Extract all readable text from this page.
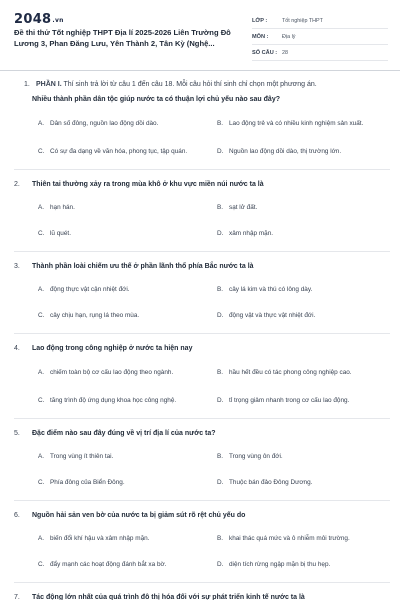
2048.vn
Đề thi thử Tốt nghiệp THPT Địa lí 2025-2026 Liên Trường Đô Lương 3, Phan Đăng Lưu, Yên Thành 2, Tân Kỳ (Nghệ...
LỚP :	Tốt nghiệp THPT
MÔN :	Địa lý
SỐ CÂU : 28
1. PHẦN I. Thí sinh trả lời từ câu 1 đến câu 18. Mỗi câu hỏi thí sinh chỉ chọn một phương án.
Nhiều thành phần dân tộc giúp nước ta có thuận lợi chủ yếu nào sau đây?
A. Dân số đông, nguồn lao động dồi dào.	B. Lao động trẻ và có nhiều kinh nghiệm sản xuất.
C. Có sự đa dạng về văn hóa, phong tục, tập quán.	D. Nguồn lao động dồi dào, thị trường lớn.
2.	Thiên tai thường xảy ra trong mùa khô ở khu vực miền núi nước ta là
A. hạn hán.	B. sạt lở đất.
C. lũ quét.	D. xâm nhập mặn.
3.	Thành phần loài chiếm ưu thế ở phần lãnh thổ phía Bắc nước ta là
A. động thực vật cận nhiệt đới.	B. cây lá kim và thú có lông dày.
C. cây chịu hạn, rụng lá theo mùa.	D. động vật và thực vật nhiệt đới.
4.	Lao động trong công nghiệp ở nước ta hiện nay
A. chiếm toàn bộ cơ cấu lao động theo ngành.	B. hầu hết đều có tác phong công nghiệp cao.
C. tăng trình độ ứng dụng khoa học công nghệ.	D. tỉ trọng giảm nhanh trong cơ cấu lao động.
5.	Đặc điểm nào sau đây đúng về vị trí địa lí của nước ta?
A. Trong vùng ít thiên tai.	B. Trong vùng ôn đới.
C. Phía đông của Biển Đông.	D. Thuộc bán đảo Đông Dương.
6.	Nguồn hải sản ven bờ của nước ta bị giảm sút rõ rệt chủ yếu do
A. biến đổi khí hậu và xâm nhập mặn.	B. khai thác quá mức và ô nhiễm môi trường.
C. đẩy mạnh các hoạt động đánh bắt xa bờ.	D. diện tích rừng ngập mặn bị thu hẹp.
7.	Tác động lớn nhất của quá trình đô thị hóa đối với sự phát triển kinh tế nước ta là
